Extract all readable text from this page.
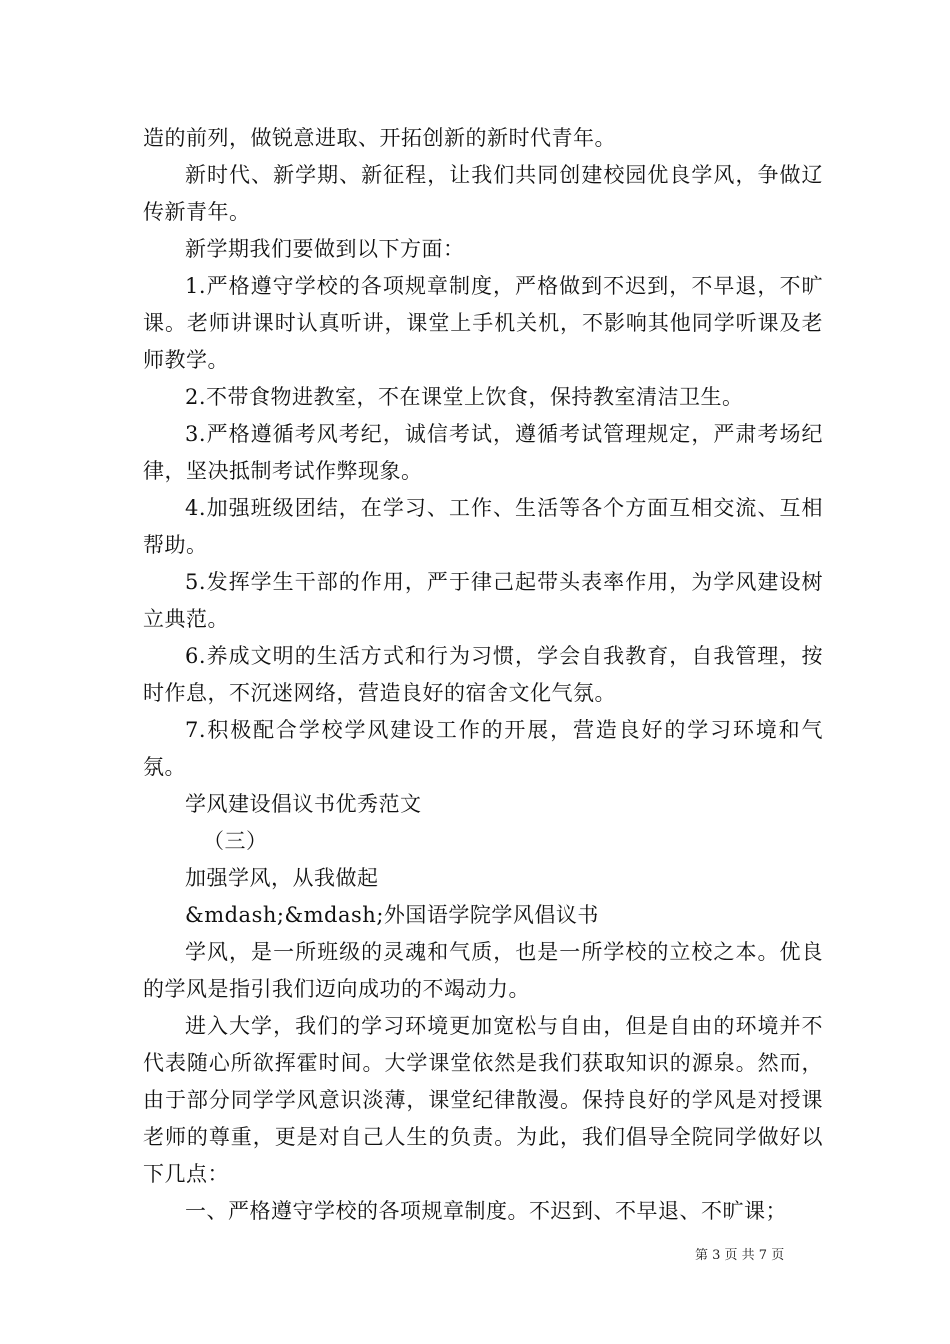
造的前列，做锐意进取、开拓创新的新时代青年。

新时代、新学期、新征程，让我们共同创建校园优良学风，争做辽传新青年。

新学期我们要做到以下方面：

1.严格遵守学校的各项规章制度，严格做到不迟到，不早退，不旷课。老师讲课时认真听讲，课堂上手机关机，不影响其他同学听课及老师教学。

2.不带食物进教室，不在课堂上饮食，保持教室清洁卫生。

3.严格遵循考风考纪，诚信考试，遵循考试管理规定，严肃考场纪律，坚决抵制考试作弊现象。

4.加强班级团结，在学习、工作、生活等各个方面互相交流、互相帮助。

5.发挥学生干部的作用，严于律己起带头表率作用，为学风建设树立典范。

6.养成文明的生活方式和行为习惯，学会自我教育，自我管理，按时作息，不沉迷网络，营造良好的宿舍文化气氛。

7.积极配合学校学风建设工作的开展，营造良好的学习环境和气氛。

学风建设倡议书优秀范文

（三）

加强学风，从我做起

&mdash;&mdash;外国语学院学风倡议书

学风，是一所班级的灵魂和气质，也是一所学校的立校之本。优良的学风是指引我们迈向成功的不竭动力。

进入大学，我们的学习环境更加宽松与自由，但是自由的环境并不代表随心所欲挥霍时间。大学课堂依然是我们获取知识的源泉。然而，由于部分同学学风意识淡薄，课堂纪律散漫。保持良好的学风是对授课老师的尊重，更是对自己人生的负责。为此，我们倡导全院同学做好以下几点：

一、严格遵守学校的各项规章制度。不迟到、不早退、不旷课；

第 3 页 共 7 页
